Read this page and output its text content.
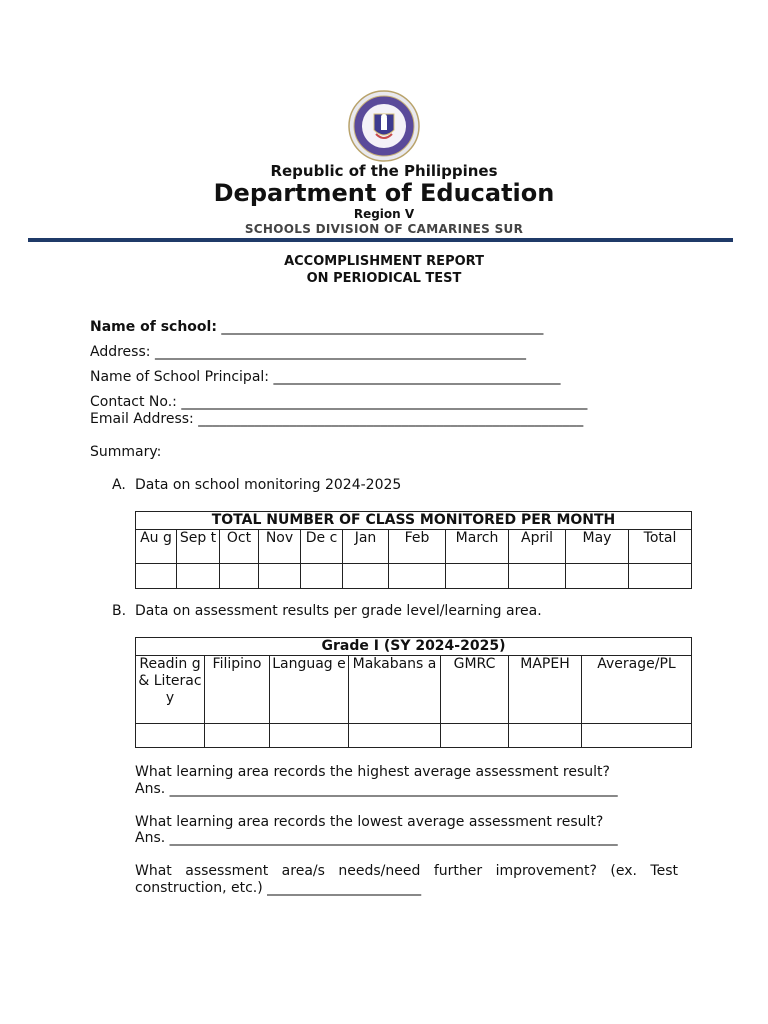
Republic of the Philippines
Department of Education
Region V
SCHOOLS DIVISION OF CAMARINES SUR
ACCOMPLISHMENT REPORT
ON PERIODICAL TEST
Name of school: ______________________________________________
Address: _____________________________________________________
Name of School Principal: _________________________________________
Contact No.: __________________________________________________________
Email Address: _______________________________________________________
Summary:
A. Data on school monitoring 2024-2025
TOTAL NUMBER OF CLASS MONITORED PER MONTH										
Au g	Sep t	Oct	Nov	De c	Jan	Feb	March	April	May	Total

B. Data on assessment results per grade level/learning area.
Grade I (SY 2024-2025)						
Readin g & Literac y	Filipino	Languag e	Makabans a	GMRC	MAPEH	Average/PL

What learning area records the highest average assessment result?
Ans. ________________________________________________________________
What learning area records the lowest average assessment result?
Ans. ________________________________________________________________
What assessment area/s needs/need further improvement? (ex. Test construction, etc.) ______________________
